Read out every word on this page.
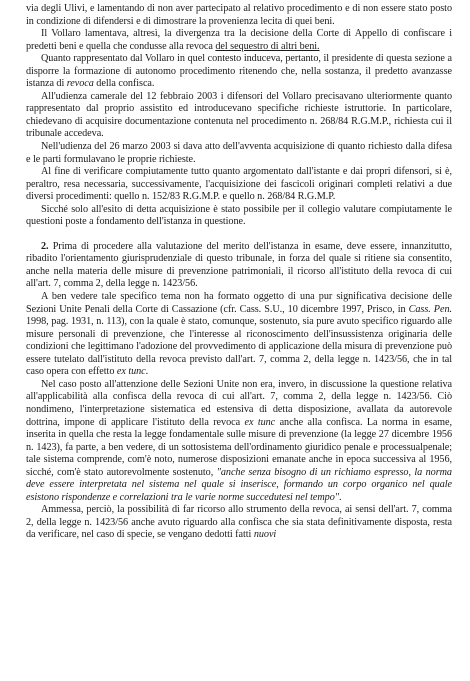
via degli Ulivi, e lamentando di non aver partecipato al relativo procedimento e di non essere stato posto in condizione di difendersi e di dimostrare la provenienza lecita di quei beni.

Il Vollaro lamentava, altresì, la divergenza tra la decisione della Corte di Appello di confiscare i predetti beni e quella che condusse alla revoca del sequestro di altri beni.

Quanto rappresentato dal Vollaro in quel contesto induceva, pertanto, il presidente di questa sezione a disporre la formazione di autonomo procedimento ritenendo che, nella sostanza, il predetto avanzasse istanza di revoca della confisca.

All'udienza camerale del 12 febbraio 2003 i difensori del Vollaro precisavano ulteriormente quanto rappresentato dal proprio assistito ed introducevano specifiche richieste istruttorie. In particolare, chiedevano di acquisire documentazione contenuta nel procedimento n. 268/84 R.G.M.P., richiesta cui il tribunale accedeva.

Nell'udienza del 26 marzo 2003 si dava atto dell'avventa acquisizione di quanto richiesto dalla difesa e le parti formulavano le proprie richieste.

Al fine di verificare compiutamente tutto quanto argomentato dall'istante e dai propri difensori, si è, peraltro, resa necessaria, successivamente, l'acquisizione dei fascicoli originari completi relativi a due diversi procedimenti: quello n. 152/83 R.G.M.P. e quello n. 268/84 R.G.M.P.

Sicché solo all'esito di detta acquisizione è stato possibile per il collegio valutare compiutamente le questioni poste a fondamento dell'istanza in questione.

2. Prima di procedere alla valutazione del merito dell'istanza in esame, deve essere, innanzitutto, ribadito l'orientamento giurisprudenziale di questo tribunale, in forza del quale si ritiene sia consentito, anche nella materia delle misure di prevenzione patrimoniali, il ricorso all'istituto della revoca di cui all'art. 7, comma 2, della legge n. 1423/56.

A ben vedere tale specifico tema non ha formato oggetto di una pur significativa decisione delle Sezioni Unite Penali della Corte di Cassazione (cfr. Cass. S.U., 10 dicembre 1997, Prisco, in Cass. Pen. 1998, pag. 1931, n. 113), con la quale è stato, comunque, sostenuto, sia pure avuto specifico riguardo alle misure personali di prevenzione, che l'interesse al riconoscimento dell'insussistenza originaria delle condizioni che legittimano l'adozione del provvedimento di applicazione della misura di prevenzione può essere tutelato dall'istituto della revoca previsto dall'art. 7, comma 2, della legge n. 1423/56, che in tal caso opera con effetto ex tunc.

Nel caso posto all'attenzione delle Sezioni Unite non era, invero, in discussione la questione relativa all'applicabilità alla confisca della revoca di cui all'art. 7, comma 2, della legge n. 1423/56. Ciò nondimeno, l'interpretazione sistematica ed estensiva di detta disposizione, avallata da autorevole dottrina, impone di applicare l'istituto della revoca ex tunc anche alla confisca. La norma in esame, inserita in quella che resta la legge fondamentale sulle misure di prevenzione (la legge 27 dicembre 1956 n. 1423), fa parte, a ben vedere, di un sottosistema dell'ordinamento giuridico penale e processualpenale; tale sistema comprende, com'è noto, numerose disposizioni emanate anche in epoca successiva al 1956, sicché, com'è stato autorevolmente sostenuto, "anche senza bisogno di un richiamo espresso, la norma deve essere interpretata nel sistema nel quale si inserisce, formando un corpo organico nel quale esistono rispondenze e correlazioni tra le varie norme succedutesi nel tempo".

Ammessa, perciò, la possibilità di far ricorso allo strumento della revoca, ai sensi dell'art. 7, comma 2, della legge n. 1423/56 anche avuto riguardo alla confisca che sia stata definitivamente disposta, resta da verificare, nel caso di specie, se vengano dedotti fatti nuovi
